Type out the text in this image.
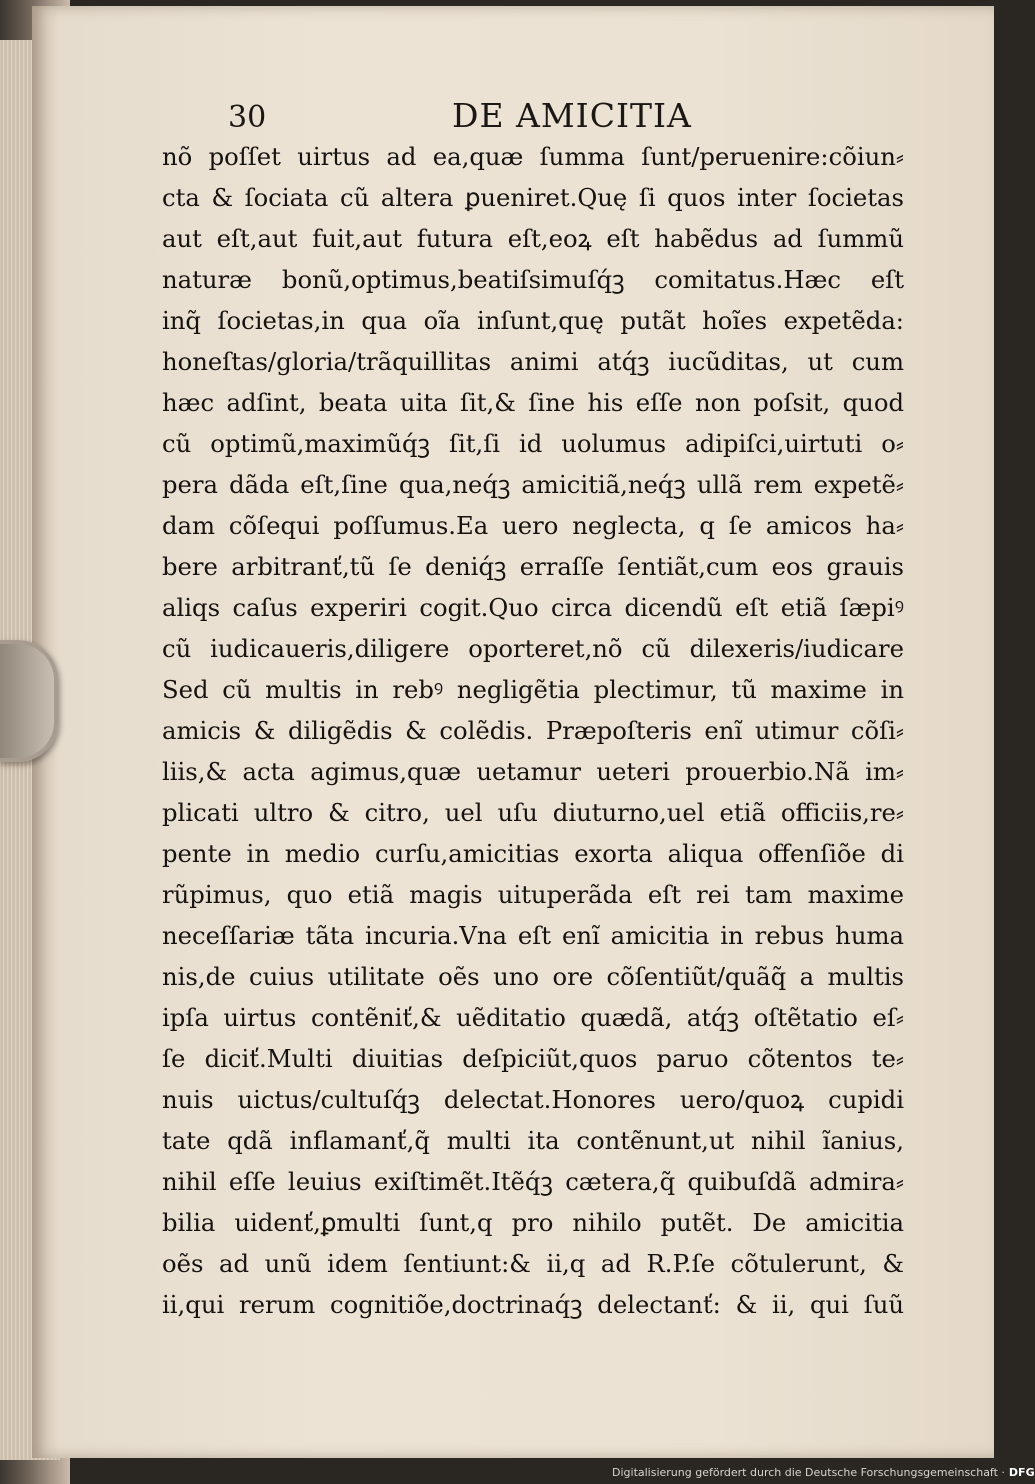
30	DE AMICITIA
nõ poſſet uirtus ad ea,quæ ſumma ſunt/peruenire:cõiun⸗
cta & ſociata cũ altera ꝑueniret.Quę ſi quos inter ſocietas
aut eſt,aut fuit,aut futura eſt,eoꝝ eſt habẽdus ad ſummũ
naturæ bonũ,optimus,beatiſsimuſq́ꝫ comitatus.Hæc eſt
inq̃ ſocietas,in qua oĩa inſunt,quę putãt hoĩes expetẽda:
honeſtas/gloria/trãquillitas animi atq́ꝫ iucũditas, ut cum
hæc adſint, beata uita ſit,& ſine his eſſe non poſsit, quod
cũ optimũ,maximũq́ꝫ ſit,ſi id uolumus adipiſci,uirtuti o⸗
pera dãda eſt,ſine qua,neq́ꝫ amicitiã,neq́ꝫ ullã rem expetẽ⸗
dam cõſequi poſſumus.Ea uero neglecta, q ſe amicos ha⸗
bere arbitranť,tũ ſe deniq́ꝫ erraſſe ſentiãt,cum eos grauis
aliqs caſus experiri cogit.Quo circa dicendũ eſt etiã ſæpiꝰ
cũ iudicaueris,diligere oporteret,nõ cũ dilexeris/iudicare
Sed cũ multis in rebꝰ negligẽtia plectimur, tũ maxime in
amicis & diligẽdis & colẽdis. Præpoſteris enĩ utimur cõſi⸗
liis,& acta agimus,quæ uetamur ueteri prouerbio.Nã im⸗
plicati ultro & citro, uel uſu diuturno,uel etiã officiis,re⸗
pente in medio curſu,amicitias exorta aliqua offenſiõe di
rũpimus, quo etiã magis uituperãda eſt rei tam maxime
neceſſariæ tãta incuria.Vna eſt enĩ amicitia in rebus huma
nis,de cuius utilitate oẽs uno ore cõſentiũt/quãq̃ a multis
ipſa uirtus contẽniť,& uẽditatio quædã, atq́ꝫ oſtẽtatio eſ⸗
ſe diciť.Multi diuitias deſpiciũt,quos paruo cõtentos te⸗
nuis uictus/cultuſq́ꝫ delectat.Honores uero/quoꝝ cupidi
tate qdã inflamanť,q̃ multi ita contẽnunt,ut nihil ĩanius,
nihil eſſe leuius exiſtimẽt.Itẽq́ꝫ cætera,q̃ quibuſdã admira⸗
bilia uidenť,ꝑmulti ſunt,q pro nihilo putẽt. De amicitia
oẽs ad unũ idem ſentiunt:& ii,q ad R.P.ſe cõtulerunt, &
ii,qui rerum cognitiõe,doctrinaq́ꝫ delectanť: & ii, qui ſuũ
Digitalisierung gefördert durch die Deutsche Forschungsgemeinschaft · DFG
